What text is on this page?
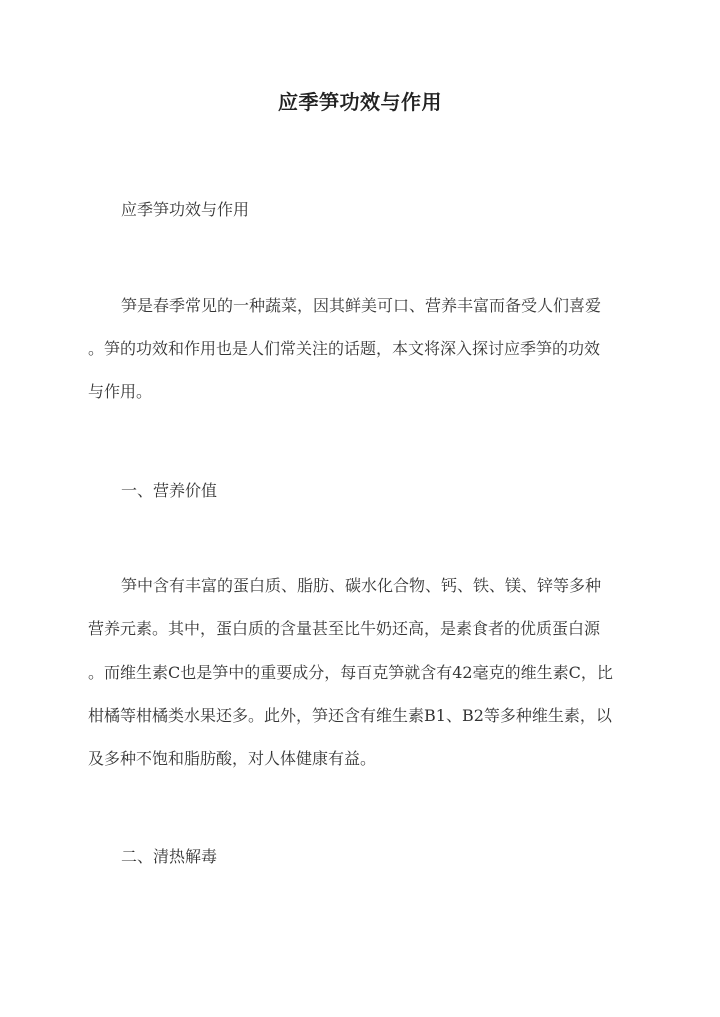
应季笋功效与作用
应季笋功效与作用
笋是春季常见的一种蔬菜，因其鲜美可口、营养丰富而备受人们喜爱
。笋的功效和作用也是人们常关注的话题，本文将深入探讨应季笋的功效
与作用。
一、营养价值
笋中含有丰富的蛋白质、脂肪、碳水化合物、钙、铁、镁、锌等多种
营养元素。其中，蛋白质的含量甚至比牛奶还高，是素食者的优质蛋白源
。而维生素C也是笋中的重要成分，每百克笋就含有42毫克的维生素C，比
柑橘等柑橘类水果还多。此外，笋还含有维生素B1、B2等多种维生素，以
及多种不饱和脂肪酸，对人体健康有益。
二、清热解毒
